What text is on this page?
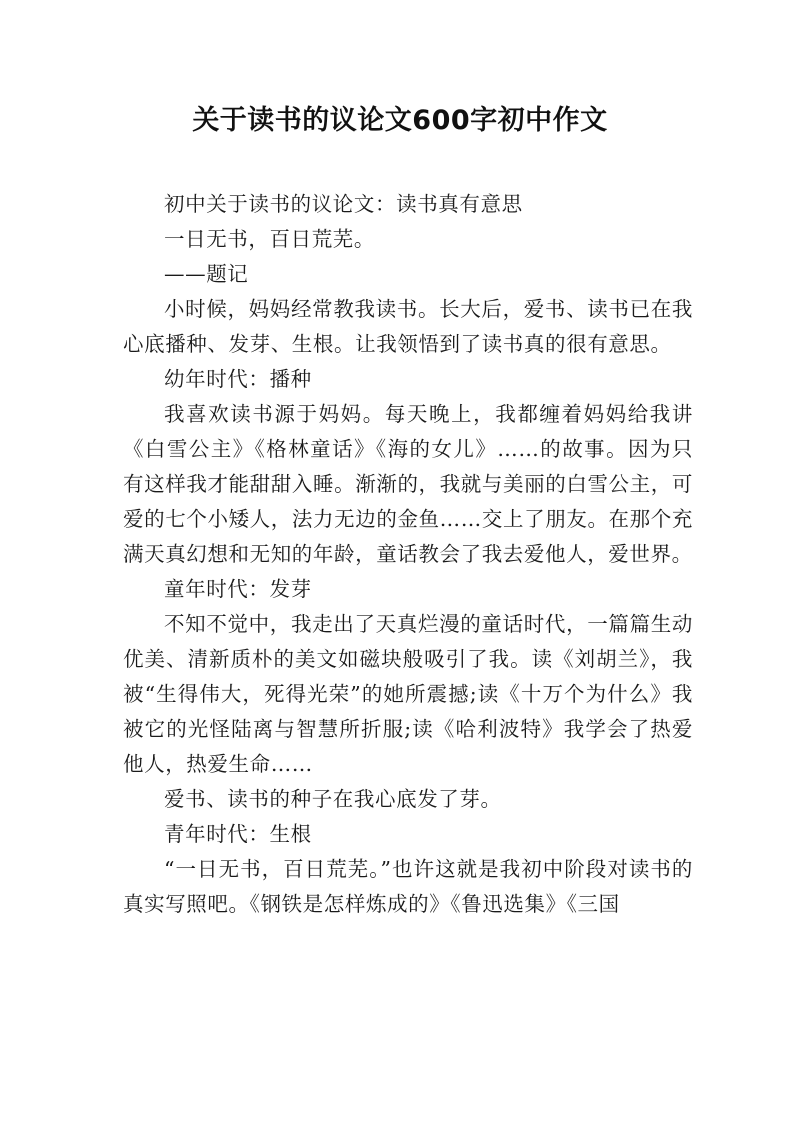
关于读书的议论文600字初中作文

初中关于读书的议论文：读书真有意思

一日无书，百日荒芜。

——题记

小时候，妈妈经常教我读书。长大后，爱书、读书已在我心底播种、发芽、生根。让我领悟到了读书真的很有意思。

幼年时代：播种

我喜欢读书源于妈妈。每天晚上，我都缠着妈妈给我讲《白雪公主》《格林童话》《海的女儿》……的故事。因为只有这样我才能甜甜入睡。渐渐的，我就与美丽的白雪公主，可爱的七个小矮人，法力无边的金鱼……交上了朋友。在那个充满天真幻想和无知的年龄，童话教会了我去爱他人，爱世界。

童年时代：发芽

不知不觉中，我走出了天真烂漫的童话时代，一篇篇生动优美、清新质朴的美文如磁块般吸引了我。读《刘胡兰》，我被“生得伟大，死得光荣”的她所震撼;读《十万个为什么》我被它的光怪陆离与智慧所折服;读《哈利波特》我学会了热爱他人，热爱生命……

爱书、读书的种子在我心底发了芽。

青年时代：生根

“一日无书，百日荒芜。”也许这就是我初中阶段对读书的真实写照吧。《钢铁是怎样炼成的》《鲁迅选集》《三国
